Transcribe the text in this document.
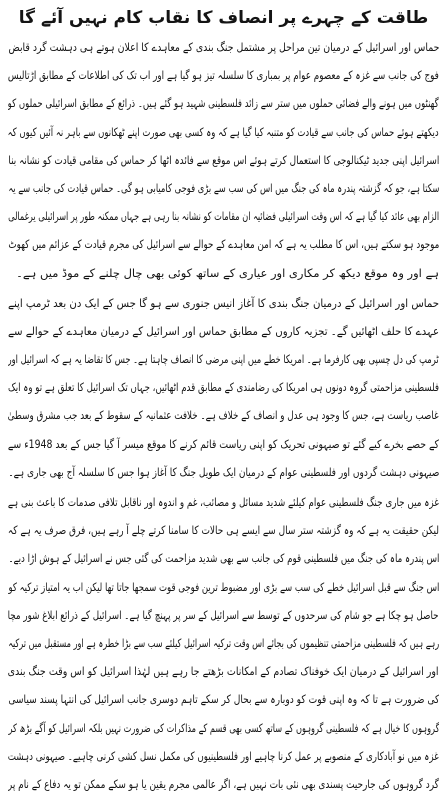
طاقت کے چہرے پر انصاف کا نقاب کام نہیں آئے گا
حماس اور اسرائیل کے درمیان تین مراحل پر مشتمل جنگ بندی کے معاہدے کا اعلان ہوتے ہی دہشت گرد قابض
فوج کی جانب سے غزہ کے معصوم عوام پر بمباری کا سلسلہ تیز ہو گیا ہے اور اب تک کی اطلاعات کے مطابق اڑتالیس
گھنٹوں میں ہونے والے فضائی حملوں میں ستر سے زائد فلسطینی شہید ہو گئے ہیں۔ ذرائع کے مطابق اسرائیلی حملوں کو
دیکھتے ہوئے حماس کی جانب سے قیادت کو متنبہ کیا گیا ہے کہ وہ کسی بھی صورت اپنے ٹھکانوں سے باہر نہ آئیں کیوں کہ
اسرائیل اپنی جدید ٹیکنالوجی کا استعمال کرتے ہوئے اس موقع سے فائدہ اٹھا کر حماس کی مقامی قیادت کو نشانہ بنا
سکتا ہے، جو کہ گزشتہ پندرہ ماہ کی جنگ میں اس کی سب سے بڑی فوجی کامیابی ہو گی۔ حماس قیادت کی جانب سے یہ
الزام بھی عائد کیا گیا ہے کہ اس وقت اسرائیلی فضائیہ ان مقامات کو نشانہ بنا رہی ہے جہاں ممکنہ طور پر اسرائیلی یرغمالی
موجود ہو سکتے ہیں، اس کا مطلب یہ ہے کہ امن معاہدے کے حوالے سے اسرائیل کی مجرم قیادت کے عزائم میں کھوٹ
ہے اور وہ موقع دیکھ کر مکاری اور عیاری کے ساتھ کوئی بھی چال چلنے کے موڈ میں ہے۔
حماس اور اسرائیل کے درمیان جنگ بندی کا آغاز انیس جنوری سے ہو گا جس کے ایک دن بعد ٹرمپ اپنے
عہدے کا حلف اٹھائیں گے۔ تجزیہ کاروں کے مطابق حماس اور اسرائیل کے درمیان معاہدے کے حوالے سے
ٹرمپ کی دل چسپی بھی کارفرما ہے۔ امریکا خطے میں اپنی مرضی کا انصاف چاہتا ہے۔ جس کا تقاضا یہ ہے کہ اسرائیل اور
فلسطینی مزاحمتی گروہ دونوں ہی امریکا کی رضامندی کے مطابق قدم اٹھائیں، جہاں تک اسرائیل کا تعلق ہے تو وہ ایک
غاصب ریاست ہے، جس کا وجود ہی عدل و انصاف کے خلاف ہے۔ خلافت عثمانیہ کے سقوط کے بعد جب مشرق وسطیٰ
کے حصے بخرے کیے گئے تو صیہونی تحریک کو اپنی ریاست قائم کرنے کا موقع میسر آ گیا جس کے بعد 1948ء سے
صیہونی دہشت گردوں اور فلسطینی عوام کے درمیان ایک طویل جنگ کا آغاز ہوا جس کا سلسلہ آج بھی جاری ہے۔
غزہ میں جاری جنگ فلسطینی عوام کیلئے شدید مسائل و مصائب، غم و اندوہ اور ناقابل تلافی صدمات کا باعث بنی ہے
لیکن حقیقت یہ ہے کہ وہ گزشتہ ستر سال سے ایسے ہی حالات کا سامنا کرتے چلے آ رہے ہیں، فرق صرف یہ ہے کہ
اس پندرہ ماہ کی جنگ میں فلسطینی قوم کی جانب سے بھی شدید مزاحمت کی گئی جس نے اسرائیل کے ہوش اڑا دیے۔
اس جنگ سے قبل اسرائیل خطے کی سب سے بڑی اور مضبوط ترین فوجی قوت سمجھا جاتا تھا لیکن اب یہ امتیاز ترکیہ کو
حاصل ہو چکا ہے جو شام کی سرحدوں کے توسط سے اسرائیل کے سر پر پہنچ گیا ہے۔ اسرائیل کے ذرائع ابلاغ شور مچا
رہے ہیں کہ فلسطینی مزاحمتی تنظیموں کی بجائے اس وقت ترکیہ اسرائیل کیلئے سب سے بڑا خطرہ ہے اور مستقبل میں ترکیہ
اور اسرائیل کے درمیان ایک خوفناک تصادم کے امکانات بڑھتے جا رہے ہیں لہٰذا اسرائیل کو اس وقت جنگ بندی
کی ضرورت ہے تا کہ وہ اپنی قوت کو دوبارہ سے بحال کر سکے تاہم دوسری جانب اسرائیل کی انتہا پسند سیاسی
گروہوں کا خیال ہے کہ فلسطینی گروہوں کے ساتھ کسی بھی قسم کے مذاکرات کی ضرورت نہیں بلکہ اسرائیل کو آگے بڑھ کر
غزہ میں نو آبادکاری کے منصوبے پر عمل کرنا چاہیے اور فلسطینیوں کی مکمل نسل کشی کرنی چاہیے۔ صیہونی دہشت
گرد گروہوں کی جارحیت پسندی بھی نئی بات نہیں ہے، اگر عالمی مجرم یقین یا ہو سکے ممکن تو یہ دفاع کے نام پر
